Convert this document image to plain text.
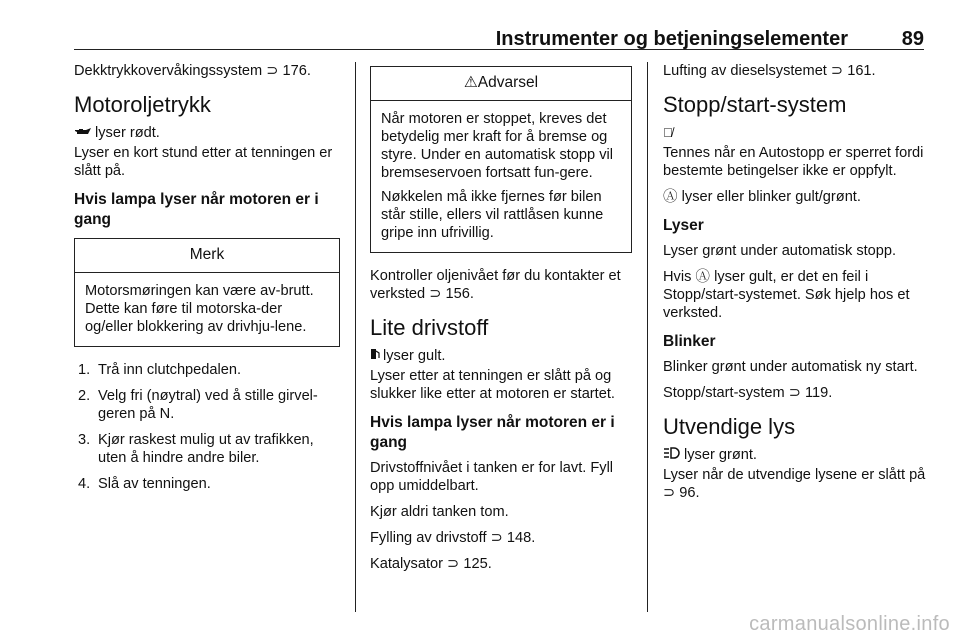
Instrumenter og betjeningselementer	89

Dekktrykkovervåkingssystem ⊃ 176.

Motoroljetrykk

lyser rødt.

Lyser en kort stund etter at tenningen er slått på.

Hvis lampa lyser når motoren er i gang
Merk

Motorsmøringen kan være av-brutt. Dette kan føre til motorska-der og/eller blokkering av drivhju-lene.

1. Trå inn clutchpedalen.
2. Velg fri (nøytral) ved å stille girvel-geren på N.
3. Kjør raskest mulig ut av trafikken, uten å hindre andre biler.
4. Slå av tenningen.
⚠Advarsel

Når motoren er stoppet, kreves det betydelig mer kraft for å bremse og styre. Under en automatisk stopp vil bremseservoen fortsatt fun-gere.

Nøkkelen må ikke fjernes før bilen står stille, ellers vil rattlåsen kunne gripe inn ufrivillig.

Kontroller oljenivået før du kontakter et verksted ⊃ 156.

Lite drivstoff

lyser gult.

Lyser etter at tenningen er slått på og slukker like etter at motoren er startet.

Hvis lampa lyser når motoren er i gang

Drivstoffnivået i tanken er for lavt. Fyll opp umiddelbart.

Kjør aldri tanken tom.

Fylling av drivstoff ⊃ 148.

Katalysator ⊃ 125.

Lufting av dieselsystemet ⊃ 161.

Stopp/start-system

Ⓐ̸

Tennes når en Autostopp er sperret fordi bestemte betingelser ikke er oppfylt.

Ⓐ lyser eller blinker gult/grønt.

Lyser

Lyser grønt under automatisk stopp.

Hvis Ⓐ lyser gult, er det en feil i Stopp/start-systemet. Søk hjelp hos et verksted.

Blinker

Blinker grønt under automatisk ny start.

Stopp/start-system ⊃ 119.

Utvendige lys

lyser grønt.

Lyser når de utvendige lysene er slått på ⊃ 96.

carmanualsonline.info
